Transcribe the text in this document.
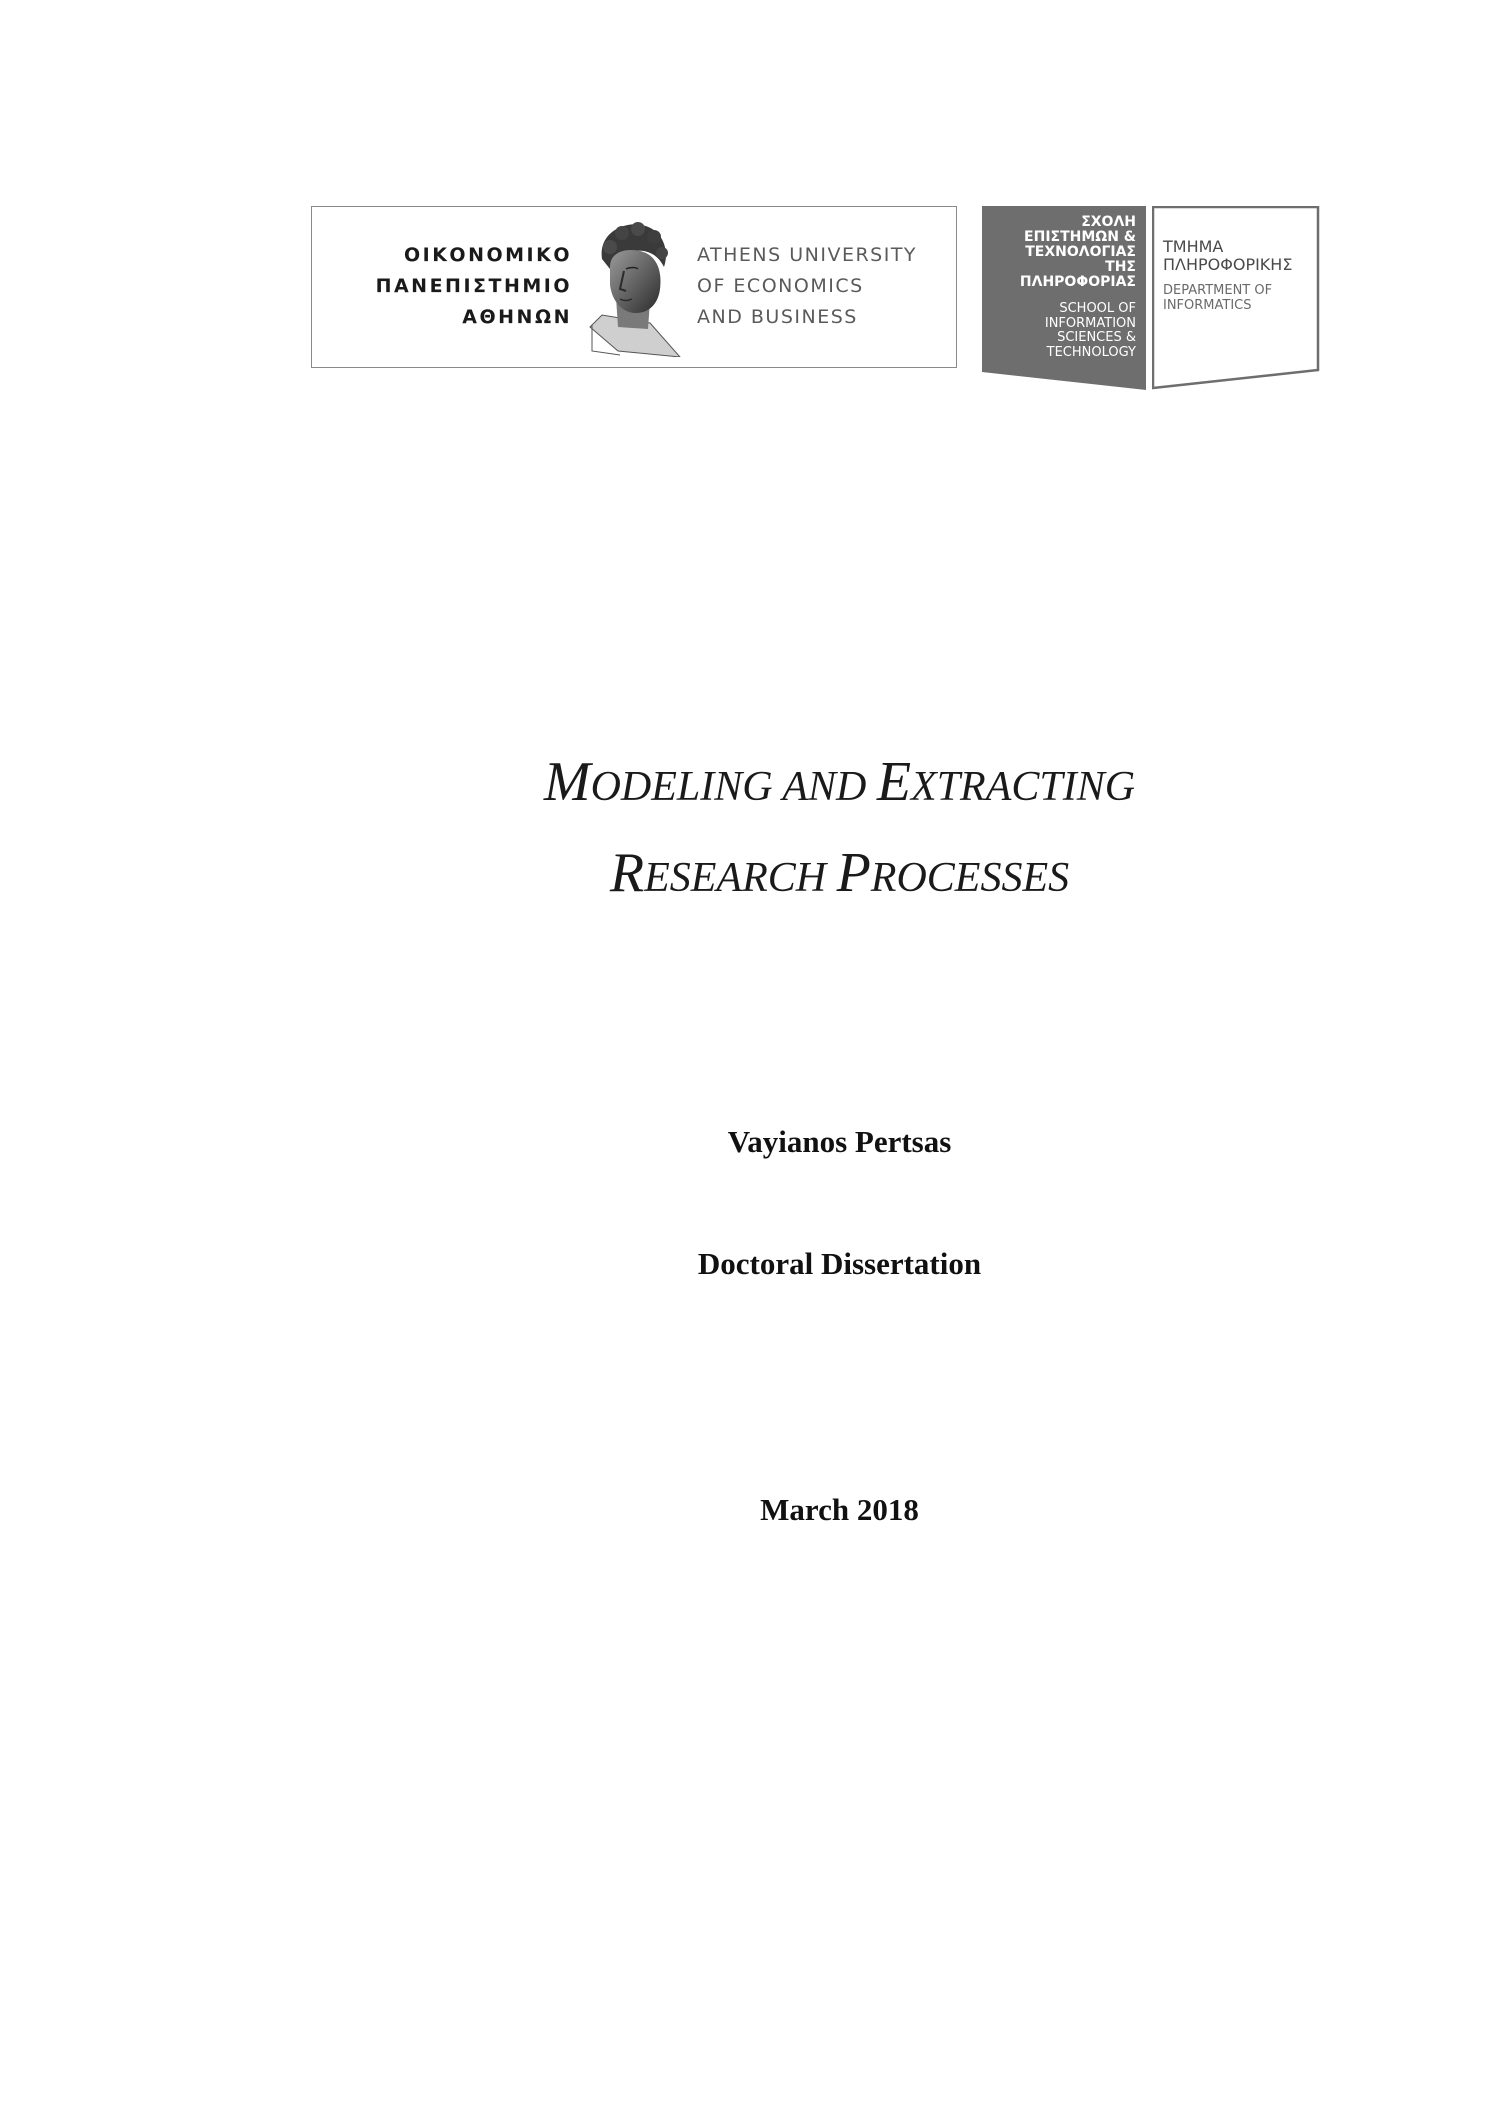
ΟΙΚΟΝΟΜΙΚΟ
ΠΑΝΕΠΙΣΤΗΜΙΟ
ΑΘΗΝΩΝ
ATHENS UNIVERSITY
OF ECONOMICS
AND BUSINESS
ΣΧΟΛΗ
ΕΠΙΣΤΗΜΩΝ &
ΤΕΧΝΟΛΟΓΙΑΣ
ΤΗΣ
ΠΛΗΡΟΦΟΡΙΑΣ
SCHOOL OF
INFORMATION
SCIENCES &
TECHNOLOGY
ΤΜΗΜΑ
ΠΛΗΡΟΦΟΡΙΚΗΣ
DEPARTMENT OF
INFORMATICS
MODELING AND EXTRACTING
RESEARCH PROCESSES
Vayianos Pertsas
Doctoral Dissertation
March 2018
